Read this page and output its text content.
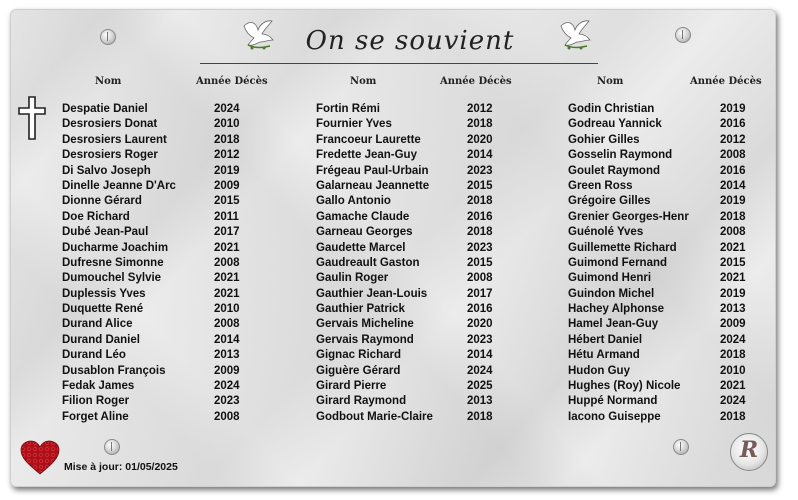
On se souvient
Nom	Année Décès	Nom	Année Décès	Nom	Année Décès
Despatie Daniel	2024
Desrosiers Donat	2010
Desrosiers Laurent	2018
Desrosiers Roger	2012
Di Salvo Joseph	2019
Dinelle Jeanne D'Arc	2009
Dionne Gérard	2015
Doe Richard	2011
Dubé Jean-Paul	2017
Ducharme Joachim	2021
Dufresne Simonne	2008
Dumouchel Sylvie	2021
Duplessis Yves	2021
Duquette René	2010
Durand Alice	2008
Durand Daniel	2014
Durand Léo	2013
Dusablon François	2009
Fedak James	2024
Filion Roger	2023
Forget Aline	2008
Fortin Rémi	2012
Fournier Yves	2018
Francoeur Laurette	2020
Fredette Jean-Guy	2014
Frégeau Paul-Urbain	2023
Galarneau Jeannette	2015
Gallo Antonio	2018
Gamache Claude	2016
Garneau Georges	2018
Gaudette Marcel	2023
Gaudreault Gaston	2015
Gaulin Roger	2008
Gauthier Jean-Louis	2017
Gauthier Patrick	2016
Gervais Micheline	2020
Gervais Raymond	2023
Gignac Richard	2014
Giguère Gérard	2024
Girard Pierre	2025
Girard Raymond	2013
Godbout Marie-Claire	2018
Godin Christian	2019
Godreau Yannick	2016
Gohier Gilles	2012
Gosselin Raymond	2008
Goulet Raymond	2016
Green Ross	2014
Grégoire Gilles	2019
Grenier Georges-Henr	2018
Guénolé Yves	2008
Guillemette Richard	2021
Guimond Fernand	2015
Guimond Henri	2021
Guindon Michel	2019
Hachey Alphonse	2013
Hamel Jean-Guy	2009
Hébert Daniel	2024
Hétu Armand	2018
Hudon Guy	2010
Hughes (Roy) Nicole	2021
Huppé Normand	2024
Iacono Guiseppe	2018
Mise à jour: 01/05/2025
R
